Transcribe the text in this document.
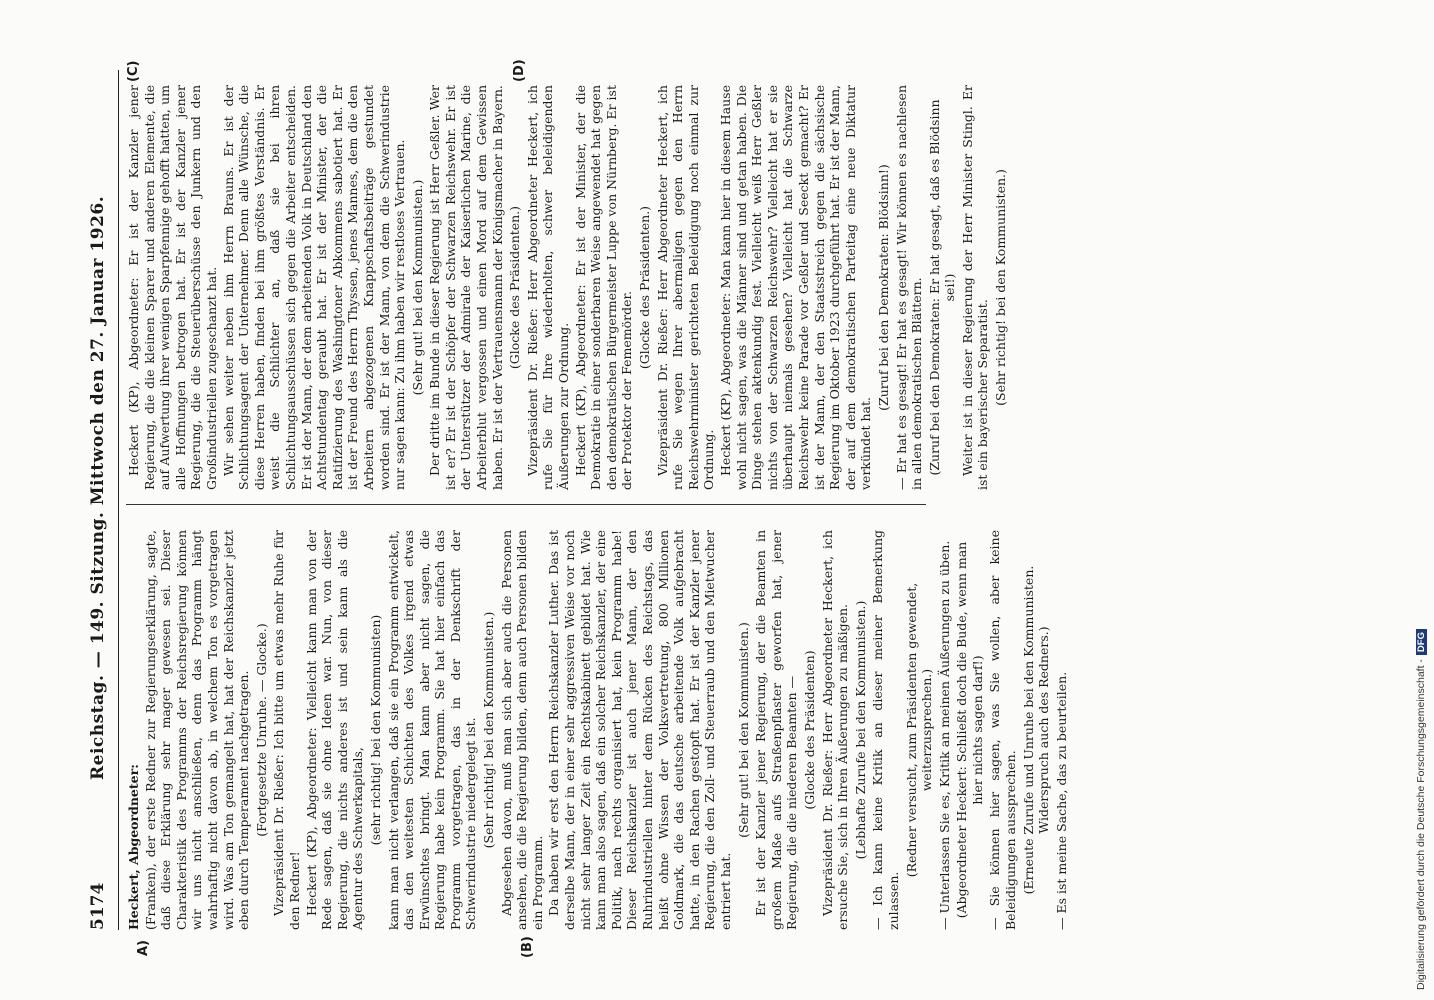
5174
Reichstag. — 149. Sitzung. Mittwoch den 27. Januar 1926.
A)	(B)
(C)	(D)

Heckert, Abgeordneter: (Franken), der erste Redner zur Regierungserklärung, sagte, daß diese Erklärung sehr mager gewesen sei. Dieser Charakteristik des Programms der Reichsregierung können wir uns nicht anschließen, denn das Programm hängt wahrhaftig nicht davon ab, in welchem Ton es vorgetragen wird. Was am Ton gemangelt hat, hat der Reichskanzler jetzt eben durch Temperament nachgetragen. (Fortgesetzte Unruhe. — Glocke.) Vizepräsident Dr. Rießer: Ich bitte um etwas mehr Ruhe für den Redner! Heckert (KP), Abgeordneter: Vielleicht kann man von der Rede sagen, daß sie ohne Ideen war. Nun, von dieser Regierung, die nichts anderes ist und sein kann als die Agentur des Schwerkapitals, (sehr richtig! bei den Kommunisten) kann man nicht verlangen, daß sie ein Programm entwickelt, das den weitesten Schichten des Volkes irgend etwas Erwünschtes bringt. Man kann aber nicht sagen, die Regierung habe kein Programm. Sie hat hier einfach das Programm vorgetragen, das in der Denkschrift der Schwerindustrie niedergelegt ist. (Sehr richtig! bei den Kommunisten.) Abgesehen davon, muß man sich aber auch die Personen ansehen, die die Regierung bilden, denn auch Personen bilden ein Programm. Da haben wir erst den Herrn Reichskanzler Luther. Das ist derselbe Mann, der in einer sehr aggressiven Weise vor noch nicht sehr langer Zeit ein Rechtskabinett gebildet hat. Wie kann man also sagen, daß ein solcher Reichskanzler, der eine Politik, nach rechts organisiert hat, kein Programm habe! Dieser Reichskanzler ist auch jener Mann, der den Ruhrindustriellen hinter dem Rücken des Reichstags, das heißt ohne Wissen der Volksvertretung, 800 Millionen Goldmark, die das deutsche arbeitende Volk aufgebracht hatte, in den Rachen gestopft hat. Er ist der Kanzler jener Regierung, die den Zoll- und Steuerraub und den Mietwucher entriert hat.

(Sehr gut! bei den Kommunisten.) Er ist der Kanzler jener Regierung, der die Beamten in großem Maße aufs Straßenpflaster geworfen hat, jener Regierung, die die niederen Beamten — (Glocke des Präsidenten) Vizepräsident Dr. Rießer: Herr Abgeordneter Heckert, ich ersuche Sie, sich in Ihren Äußerungen zu mäßigen. (Lebhafte Zurufe bei den Kommunisten.) — Ich kann keine Kritik an dieser meiner Bemerkung zulassen.

(Redner versucht, zum Präsidenten gewendet, weiterzusprechen.) — Unterlassen Sie es, Kritik an meinen Äußerungen zu üben. (Abgeordneter Heckert: Schließt doch die Bude, wenn man hier nichts sagen darf!) — Sie können hier sagen, was Sie wollen, aber keine Beleidigungen aussprechen. (Erneute Zurufe und Unruhe bei den Kommunisten. Widerspruch auch des Redners.) — Es ist meine Sache, das zu beurteilen.

Heckert (KP), Abgeordneter: Er ist der Kanzler jener Regierung, die die kleinen Sparer und anderen Elemente, die auf Aufwertung ihrer wenigen Sparpfennige gehofft hatten, um alle Hoffnungen betrogen hat. Er ist der Kanzler jener Regierung, die die Steuerüberschüsse den Junkern und den Großindustriellen zugeschanzt hat. Wir sehen weiter neben ihm Herrn Brauns. Er ist der Schlichtungsagent der Unternehmer. Denn alle Wünsche, die diese Herren haben, finden bei ihm größtes Verständnis. Er weist die Schlichter an, daß sie bei ihren Schlichtungsausschüssen sich gegen die Arbeiter entscheiden. Er ist der Mann, der dem arbeitenden Volk in Deutschland den Achtstundentag geraubt hat. Er ist der Minister, der die Ratifizierung des Washingtoner Abkommens sabotiert hat. Er ist der Freund des Herrn Thyssen, jenes Mannes, dem die den Arbeitern abgezogenen Knappschaftsbeiträge gestundet worden sind. Er ist der Mann, von dem die Schwerindustrie nur sagen kann: Zu ihm haben wir restloses Vertrauen. (Sehr gut! bei den Kommunisten.) Der dritte im Bunde in dieser Regierung ist Herr Geßler. Wer ist er? Er ist der Schöpfer der Schwarzen Reichswehr. Er ist der Unterstützer der Admirale der Kaiserlichen Marine, die Arbeiterblut vergossen und einen Mord auf dem Gewissen haben. Er ist der Vertrauensmann der Königsmacher in Bayern. (Glocke des Präsidenten.) Vizepräsident Dr. Rießer: Herr Abgeordneter Heckert, ich rufe Sie für Ihre wiederholten, schwer beleidigenden Äußerungen zur Ordnung. Heckert (KP), Abgeordneter: Er ist der Minister, der die Demokratie in einer sonderbaren Weise angewendet hat gegen den demokratischen Bürgermeister Luppe von Nürnberg. Er ist der Protektor der Fememörder.

(Glocke des Präsidenten.) Vizepräsident Dr. Rießer: Herr Abgeordneter Heckert, ich rufe Sie wegen Ihrer abermaligen gegen den Herrn Reichswehrminister gerichteten Beleidigung noch einmal zur Ordnung. Heckert (KP), Abgeordneter: Man kann hier in diesem Hause wohl nicht sagen, was die Männer sind und getan haben. Die Dinge stehen aktenkundig fest. Vielleicht weiß Herr Geßler nichts von der Schwarzen Reichswehr? Vielleicht hat er sie überhaupt niemals gesehen? Vielleicht hat die Schwarze Reichswehr keine Parade vor Geßler und Seeckt gemacht? Er ist der Mann, der den Staatsstreich gegen die sächsische Regierung im Oktober 1923 durchgeführt hat. Er ist der Mann, der auf dem demokratischen Parteitag eine neue Diktatur verkündet hat.

(Zuruf bei den Demokraten: Blödsinn!) — Er hat es gesagt! Er hat es gesagt! Wir können es nachlesen in allen demokratischen Blättern. (Zuruf bei den Demokraten: Er hat gesagt, daß es Blödsinn sei!) Weiter ist in dieser Regierung der Herr Minister Stingl. Er ist ein bayerischer Separatist. (Sehr richtig! bei den Kommunisten.)

Digitalisierung gefördert durch die Deutsche Forschungsgemeinschaft -DFG
